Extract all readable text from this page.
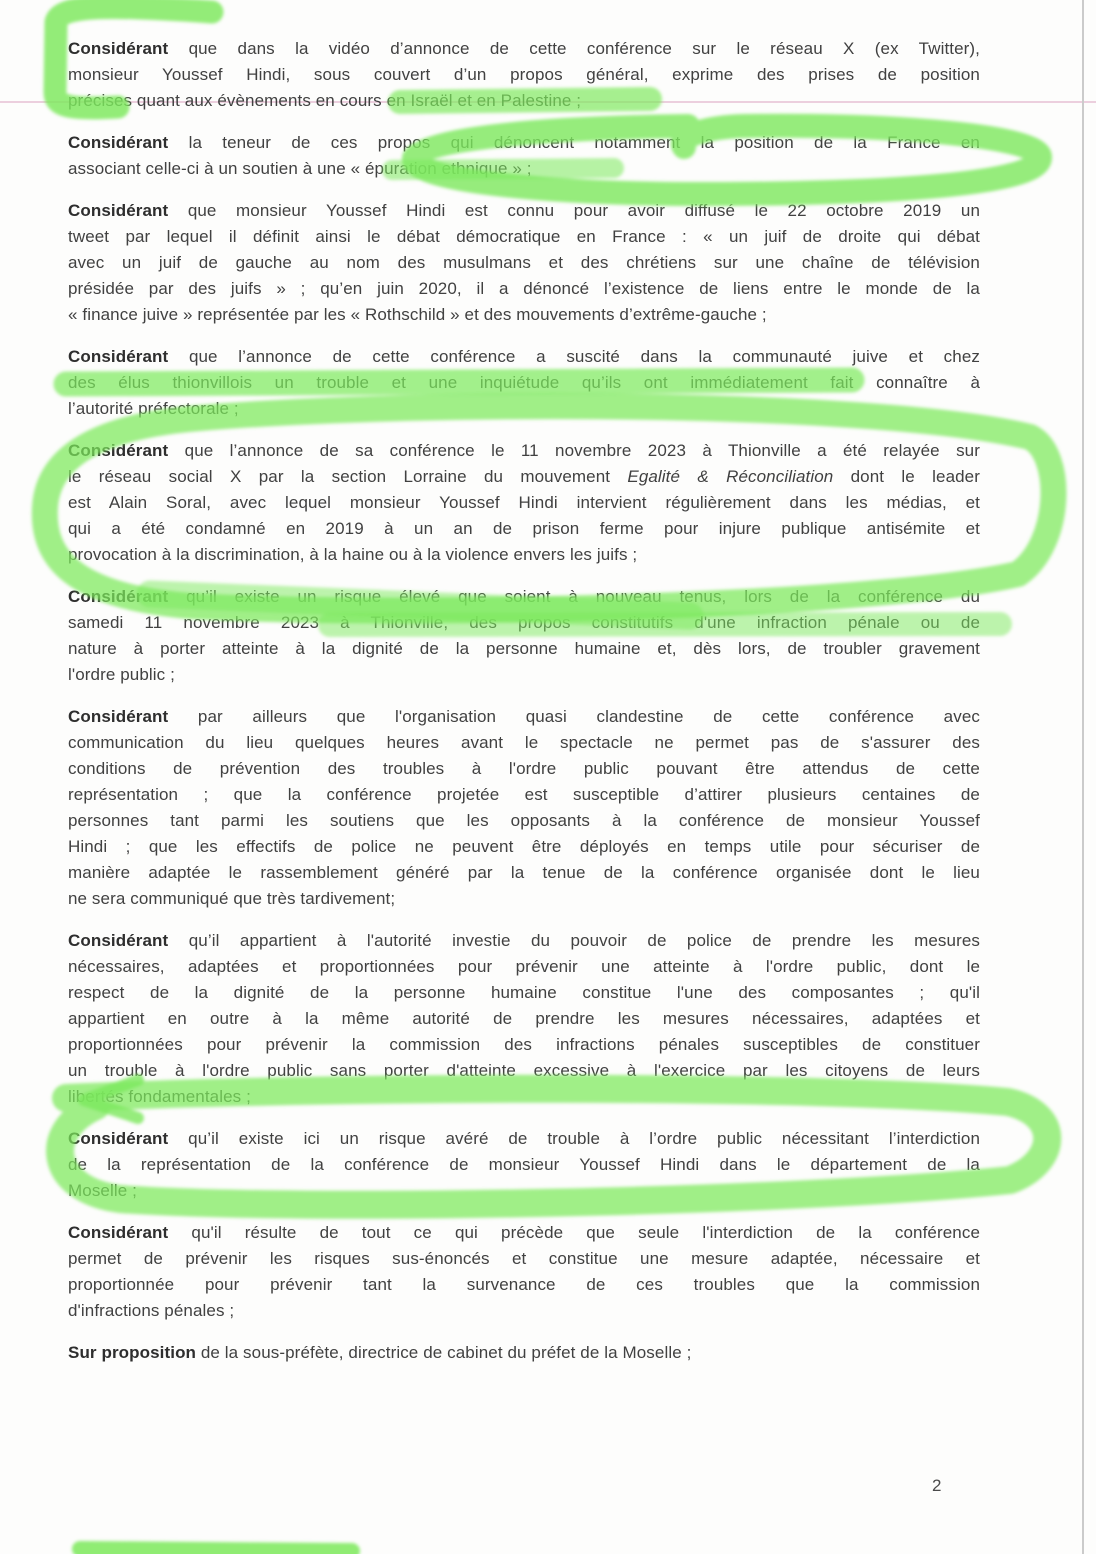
Considérant que dans la vidéo d’annonce de cette conférence sur le réseau X (ex Twitter),
monsieur Youssef Hindi, sous couvert d’un propos général, exprime des prises de position
précises quant aux évènements en cours en Israël et en Palestine ;
Considérant la teneur de ces propos qui dénoncent notamment la position de la France en
associant celle-ci à un soutien à une « épuration ethnique » ;
Considérant que monsieur Youssef Hindi est connu pour avoir diffusé le 22 octobre 2019 un
tweet par lequel il définit ainsi le débat démocratique en France : « un juif de droite qui débat
avec un juif de gauche au nom des musulmans et des chrétiens sur une chaîne de télévision
présidée par des juifs » ; qu’en juin 2020, il a dénoncé l’existence de liens entre le monde de la
« finance juive » représentée par les « Rothschild » et des mouvements d’extrême-gauche ;
Considérant que l’annonce de cette conférence a suscité dans la communauté juive et chez
des élus thionvillois un trouble et une inquiétude qu’ils ont immédiatement fait connaître à
l’autorité préfectorale ;
Considérant que l’annonce de sa conférence le 11 novembre 2023 à Thionville a été relayée sur
le réseau social X par la section Lorraine du mouvement Egalité & Réconciliation dont le leader
est Alain Soral, avec lequel monsieur Youssef Hindi intervient régulièrement dans les médias, et
qui a été condamné en 2019 à un an de prison ferme pour injure publique antisémite et
provocation à la discrimination, à la haine ou à la violence envers les juifs ;
Considérant qu’il existe un risque élevé que soient à nouveau tenus, lors de la conférence du
samedi 11 novembre 2023 à Thionville, des propos constitutifs d'une infraction pénale ou de
nature à porter atteinte à la dignité de la personne humaine et, dès lors, de troubler gravement
l'ordre public ;
Considérant par ailleurs que l'organisation quasi clandestine de cette conférence avec
communication du lieu quelques heures avant le spectacle ne permet pas de s'assurer des
conditions de prévention des troubles à l'ordre public pouvant être attendus de cette
représentation ; que la conférence projetée est susceptible d’attirer plusieurs centaines de
personnes tant parmi les soutiens que les opposants à la conférence de monsieur Youssef
Hindi ; que les effectifs de police ne peuvent être déployés en temps utile pour sécuriser de
manière adaptée le rassemblement généré par la tenue de la conférence organisée dont le lieu
ne sera communiqué que très tardivement;
Considérant qu’il appartient à l'autorité investie du pouvoir de police de prendre les mesures
nécessaires, adaptées et proportionnées pour prévenir une atteinte à l'ordre public, dont le
respect de la dignité de la personne humaine constitue l'une des composantes ; qu'il
appartient en outre à la même autorité de prendre les mesures nécessaires, adaptées et
proportionnées pour prévenir la commission des infractions pénales susceptibles de constituer
un trouble à l'ordre public sans porter d'atteinte excessive à l'exercice par les citoyens de leurs
libertés fondamentales ;
Considérant qu’il existe ici un risque avéré de trouble à l’ordre public nécessitant l’interdiction
de la représentation de la conférence de monsieur Youssef Hindi dans le département de la
Moselle ;
Considérant qu'il résulte de tout ce qui précède que seule l'interdiction de la conférence
permet de prévenir les risques sus-énoncés et constitue une mesure adaptée, nécessaire et
proportionnée pour prévenir tant la survenance de ces troubles que la commission
d'infractions pénales ;
Sur proposition de la sous-préfète, directrice de cabinet du préfet de la Moselle ;
2
